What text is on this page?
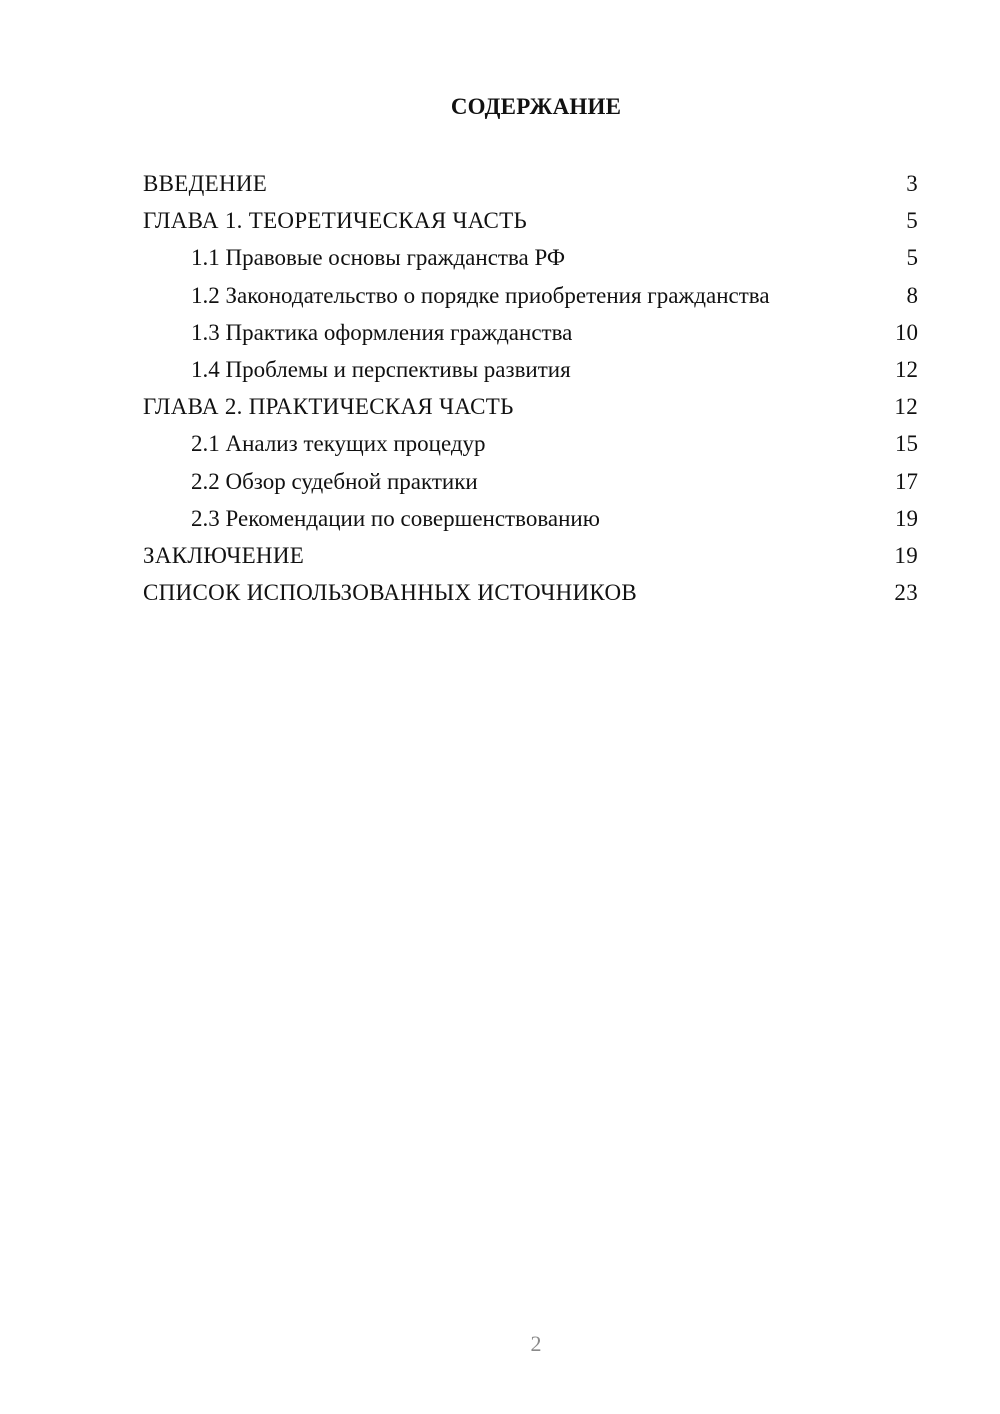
СОДЕРЖАНИЕ
ВВЕДЕНИЕ	3
ГЛАВА 1. ТЕОРЕТИЧЕСКАЯ ЧАСТЬ	5
1.1 Правовые основы гражданства РФ	5
1.2 Законодательство о порядке приобретения гражданства	8
1.3 Практика оформления гражданства	10
1.4 Проблемы и перспективы развития	12
ГЛАВА 2. ПРАКТИЧЕСКАЯ ЧАСТЬ	12
2.1 Анализ текущих процедур	15
2.2 Обзор судебной практики	17
2.3 Рекомендации по совершенствованию	19
ЗАКЛЮЧЕНИЕ	19
СПИСОК ИСПОЛЬЗОВАННЫХ ИСТОЧНИКОВ	23

2
